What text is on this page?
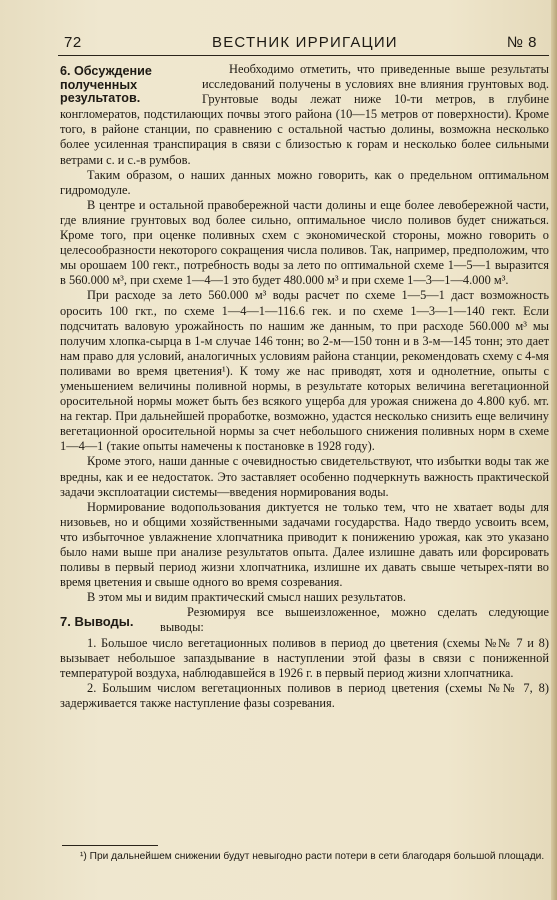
72	ВЕСТНИК ИРРИГАЦИИ	№ 8
6. Обсуждение полученных результатов.

Необходимо отметить, что приведенные выше результаты исследований получены в условиях вне влияния грунтовых вод. Грунтовые воды лежат ниже 10-ти метров, в глубине конгломератов, подстилающих почвы этого района (10—15 метров от поверхности). Кроме того, в районе станции, по сравнению с остальной частью долины, возможна несколько более усиленная транспирация в связи с близостью к горам и несколько более сильными ветрами с. и с.-в румбов.

Таким образом, о наших данных можно говорить, как о предельном оптимальном гидромодуле.

В центре и остальной правобережной части долины и еще более левобережной части, где влияние грунтовых вод более сильно, оптимальное число поливов будет снижаться. Кроме того, при оценке поливных схем с экономической стороны, можно говорить о целесообразности некоторого сокращения числа поливов. Так, например, предположим, что мы орошаем 100 гект., потребность воды за лето по оптимальной схеме 1—5—1 выразится в 560.000 м³, при схеме 1—4—1 это будет 480.000 м³ и при схеме 1—3—1—4.000 м³.

При расходе за лето 560.000 м³ воды расчет по схеме 1—5—1 даст возможность оросить 100 гкт., по схеме 1—4—1—116.6 гек. и по схеме 1—3—1—140 гект. Если подсчитать валовую урожайность по нашим же данным, то при расходе 560.000 м³ мы получим хлопка-сырца в 1-м случае 146 тонн; во 2-м—150 тонн и в 3-м—145 тонн; это дает нам право для условий, аналогичных условиям района станции, рекомендовать схему с 4-мя поливами во время цветения¹). К тому же нас приводят, хотя и однолетние, опыты с уменьшением величины поливной нормы, в результате которых величина вегетационной оросительной нормы может быть без всякого ущерба для урожая снижена до 4.800 куб. мт. на гектар. При дальнейшей проработке, возможно, удастся несколько снизить еще величину вегетационной оросительной нормы за счет небольшого снижения поливных норм в схеме 1—4—1 (такие опыты намечены к постановке в 1928 году).

Кроме этого, наши данные с очевидностью свидетельствуют, что избытки воды так же вредны, как и ее недостаток. Это заставляет особенно подчеркнуть важность практической задачи эксплоатации системы—введения нормирования воды.

Нормирование водопользования диктуется не только тем, что не хватает воды для низовьев, но и общими хозяйственными задачами государства. Надо твердо усвоить всем, что избыточное увлажнение хлопчатника приводит к понижению урожая, как это указано было нами выше при анализе результатов опыта. Далее излишне давать или форсировать поливы в первый период жизни хлопчатника, излишне их давать свыше четырех-пяти во время цветения и свыше одного во время созревания.

В этом мы и видим практический смысл наших результатов.

7. Выводы.

Резюмируя все вышеизложенное, можно сделать следующие выводы:

1. Большое число вегетационных поливов в период до цветения (схемы №№ 7 и 8) вызывает небольшое запаздывание в наступлении этой фазы в связи с пониженной температурой воздуха, наблюдавшейся в 1926 г. в первый период жизни хлопчатника.

2. Большим числом вегетационных поливов в период цветения (схемы №№ 7, 8) задерживается также наступление фазы созревания.

¹) При дальнейшем снижении будут невыгодно расти потери в сети благодаря большой площади.
